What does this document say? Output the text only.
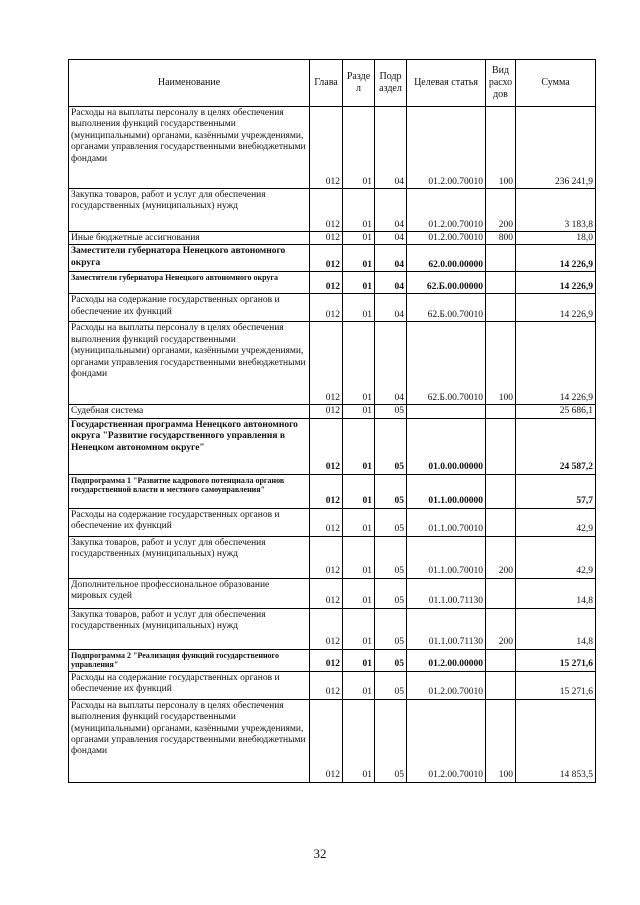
Наименование	Глава	Разде л	Подр аздел	Целевая статья	Вид расхо дов	Сумма
Расходы на выплаты персоналу в целях обеспечения выполнения функций государственными (муниципальными) органами, казёнными учреждениями, органами управления государственными внебюджетными фондами	012	01	04	01.2.00.70010	100	236 241,9
Закупка товаров, работ и услуг для обеспечения государственных (муниципальных) нужд	012	01	04	01.2.00.70010	200	3 183,8
Иные бюджетные ассигнования	012	01	04	01.2.00.70010	800	18,0
Заместители губернатора Ненецкого автономного округа	012	01	04	62.0.00.00000		14 226,9
Заместители губернатора Ненецкого автономного округа	012	01	04	62.Б.00.00000		14 226,9
Расходы на содержание государственных органов и обеспечение их функций	012	01	04	62.Б.00.70010		14 226,9
Расходы на выплаты персоналу в целях обеспечения выполнения функций государственными (муниципальными) органами, казёнными учреждениями, органами управления государственными внебюджетными фондами	012	01	04	62.Б.00.70010	100	14 226,9
Судебная система	012	01	05			25 686,1
Государственная программа Ненецкого автономного округа "Развитие государственного управления в Ненецком автономном округе"	012	01	05	01.0.00.00000		24 587,2
Подпрограмма 1 "Развитие кадрового потенциала органов государственной власти и местного самоуправления"	012	01	05	01.1.00.00000		57,7
Расходы на содержание государственных органов и обеспечение их функций	012	01	05	01.1.00.70010		42,9
Закупка товаров, работ и услуг для обеспечения государственных (муниципальных) нужд	012	01	05	01.1.00.70010	200	42,9
Дополнительное профессиональное образование мировых судей	012	01	05	01.1.00.71130		14,8
Закупка товаров, работ и услуг для обеспечения государственных (муниципальных) нужд	012	01	05	01.1.00.71130	200	14,8
Подпрограмма 2 "Реализация функций государственного управления"	012	01	05	01.2.00.00000		15 271,6
Расходы на содержание государственных органов и обеспечение их функций	012	01	05	01.2.00.70010		15 271,6
Расходы на выплаты персоналу в целях обеспечения выполнения функций государственными (муниципальными) органами, казёнными учреждениями, органами управления государственными внебюджетными фондами	012	01	05	01.2.00.70010	100	14 853,5
32
